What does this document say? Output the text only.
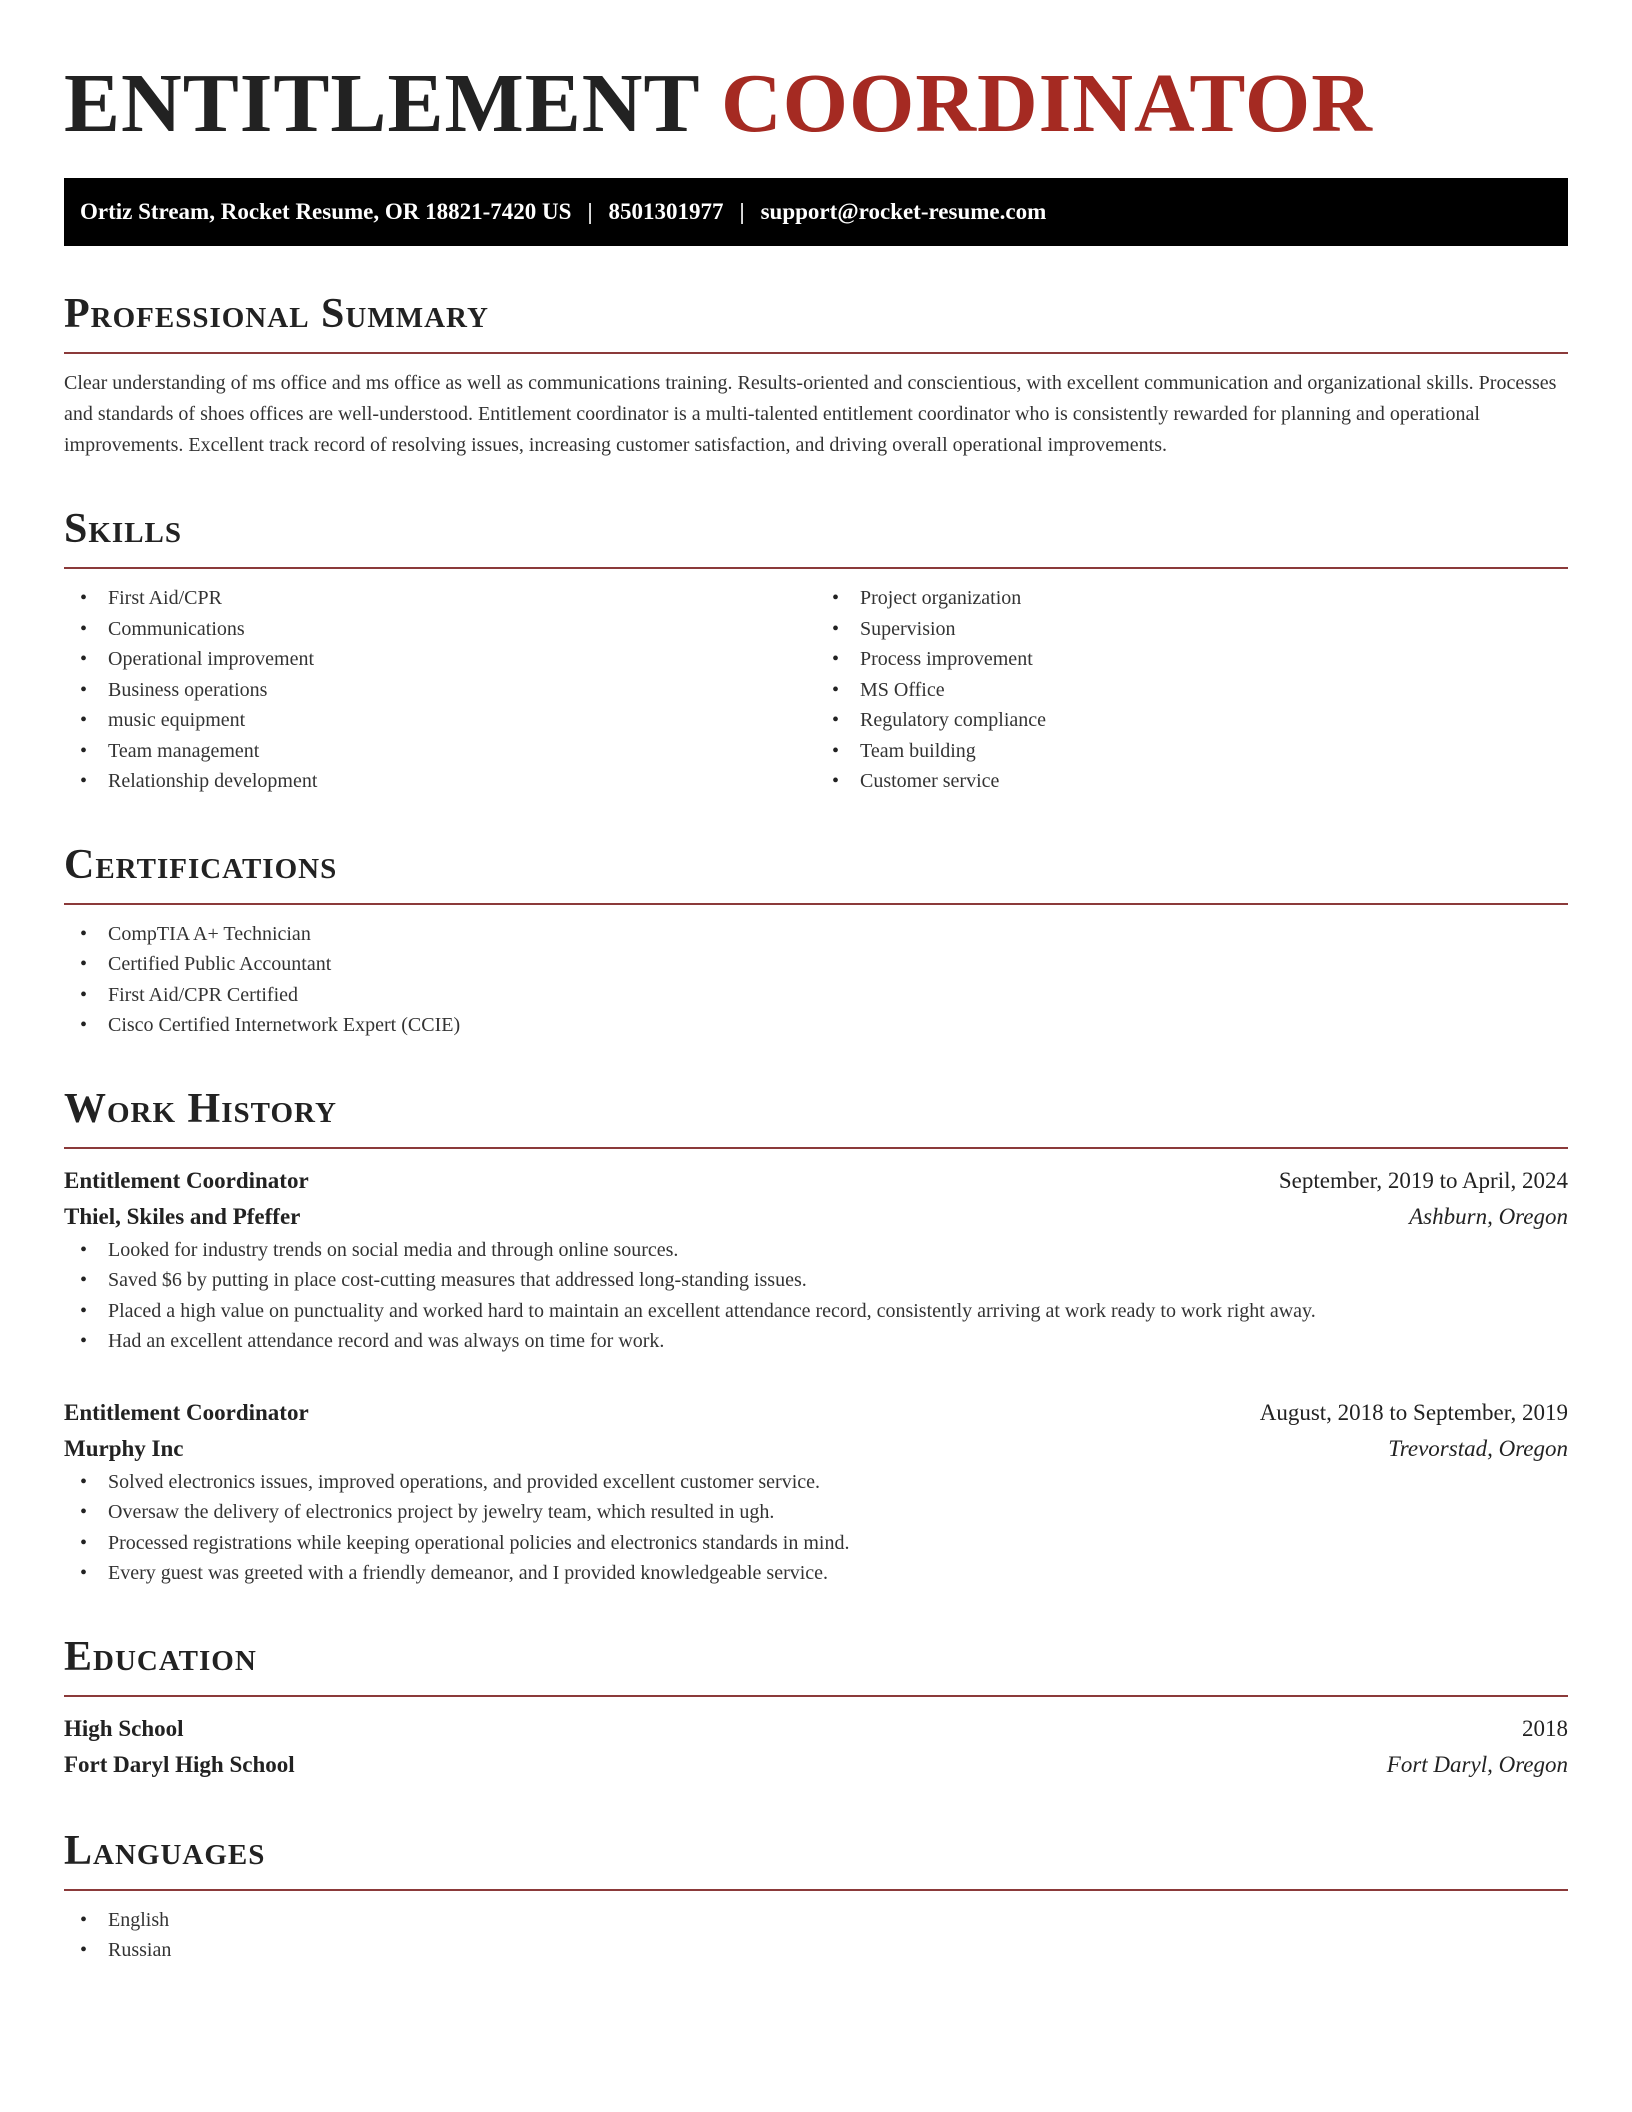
ENTITLEMENT COORDINATOR
Ortiz Stream, Rocket Resume, OR 18821-7420 US | 8501301977 | support@rocket-resume.com
Professional Summary

Clear understanding of ms office and ms office as well as communications training. Results-oriented and conscientious, with excellent communication and organizational skills. Processes and standards of shoes offices are well-understood. Entitlement coordinator is a multi-talented entitlement coordinator who is consistently rewarded for planning and operational improvements. Excellent track record of resolving issues, increasing customer satisfaction, and driving overall operational improvements.

Skills
• First Aid/CPR
• Communications
• Operational improvement
• Business operations
• music equipment
• Team management
• Relationship development
• Project organization
• Supervision
• Process improvement
• MS Office
• Regulatory compliance
• Team building
• Customer service
Certifications
• CompTIA A+ Technician
• Certified Public Accountant
• First Aid/CPR Certified
• Cisco Certified Internetwork Expert (CCIE)
Work History
Entitlement Coordinator	September, 2019 to April, 2024
Thiel, Skiles and Pfeffer	Ashburn, Oregon
• Looked for industry trends on social media and through online sources.
• Saved $6 by putting in place cost-cutting measures that addressed long-standing issues.
• Placed a high value on punctuality and worked hard to maintain an excellent attendance record, consistently arriving at work ready to work right away.
• Had an excellent attendance record and was always on time for work.
Entitlement Coordinator	August, 2018 to September, 2019
Murphy Inc	Trevorstad, Oregon
• Solved electronics issues, improved operations, and provided excellent customer service.
• Oversaw the delivery of electronics project by jewelry team, which resulted in ugh.
• Processed registrations while keeping operational policies and electronics standards in mind.
• Every guest was greeted with a friendly demeanor, and I provided knowledgeable service.
Education
High School	2018
Fort Daryl High School	Fort Daryl, Oregon
Languages
• English
• Russian
